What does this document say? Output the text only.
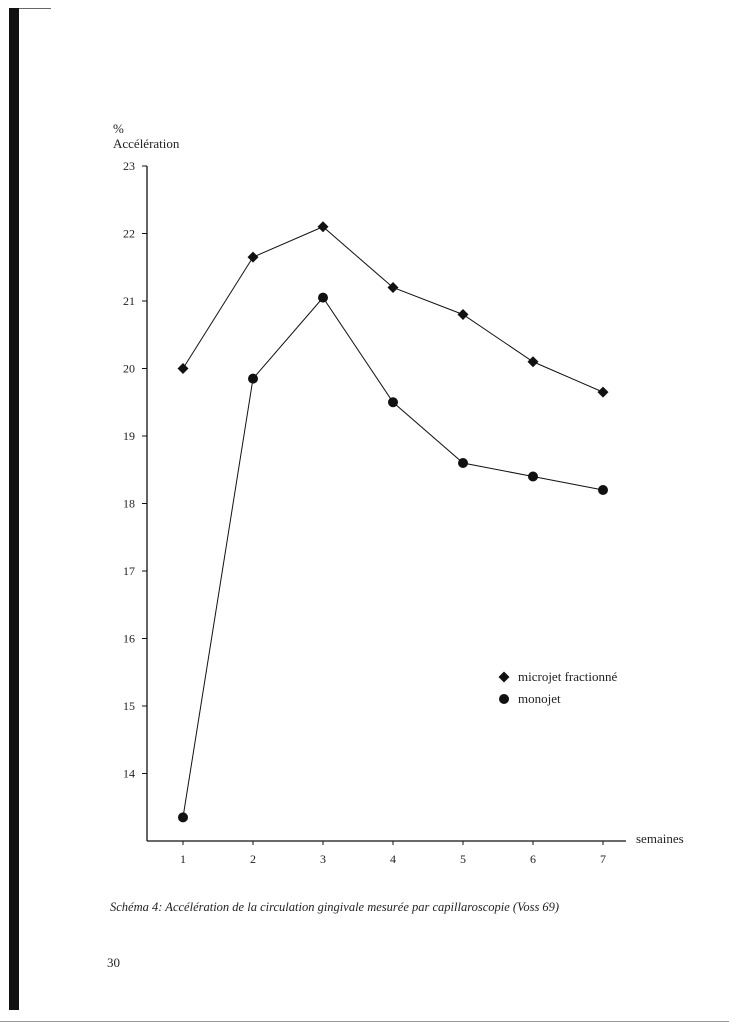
%
Accélération
semaines
14
15
16
17
18
19
20
21
22
23
1	2	3	4	5	6	7
microjet fractionné
monojet
Schéma 4: Accélération de la circulation gingivale mesurée par capillaroscopie (Voss 69)
30
